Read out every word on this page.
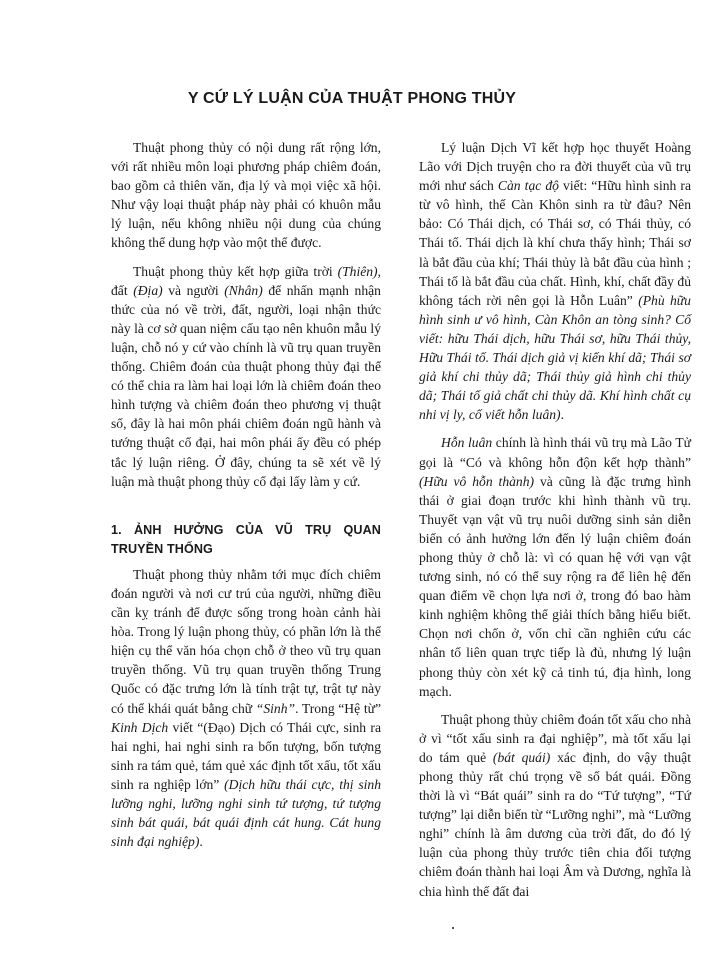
Y CỨ LÝ LUẬN CỦA THUẬT PHONG THỦY

Thuật phong thủy có nội dung rất rộng lớn, với rất nhiều môn loại phương pháp chiêm đoán, bao gồm cả thiên văn, địa lý và mọi việc xã hội. Như vậy loại thuật pháp này phải có khuôn mẫu lý luận, nếu không nhiều nội dung của chúng không thể dung hợp vào một thể được.

Thuật phong thủy kết hợp giữa trời (Thiên), đất (Địa) và người (Nhân) để nhấn mạnh nhận thức của nó về trời, đất, người, loại nhận thức này là cơ sở quan niệm cấu tạo nên khuôn mẫu lý luận, chỗ nó y cứ vào chính là vũ trụ quan truyền thống. Chiêm đoán của thuật phong thủy đại thể có thể chia ra làm hai loại lớn là chiêm đoán theo hình tượng và chiêm đoán theo phương vị thuật số, đây là hai môn phái chiêm đoán ngũ hành và tướng thuật cổ đại, hai môn phái ấy đều có phép tắc lý luận riêng. Ở đây, chúng ta sẽ xét về lý luận mà thuật phong thủy cổ đại lấy làm y cứ.

1. ẢNH HƯỞNG CỦA VŨ TRỤ QUAN TRUYỀN THỐNG

Thuật phong thủy nhằm tới mục đích chiêm đoán người và nơi cư trú của người, những điều cần kỵ tránh để được sống trong hoàn cảnh hài hòa. Trong lý luận phong thủy, có phần lớn là thể hiện cụ thể văn hóa chọn chỗ ở theo vũ trụ quan truyền thống. Vũ trụ quan truyền thống Trung Quốc có đặc trưng lớn là tính trật tự, trật tự này có thể khái quát bằng chữ “Sinh”. Trong “Hệ từ” Kinh Dịch viết “(Đạo) Dịch có Thái cực, sinh ra hai nghi, hai nghi sinh ra bốn tượng, bốn tượng sinh ra tám quẻ, tám quẻ xác định tốt xấu, tốt xấu sinh ra nghiệp lớn” (Dịch hữu thái cực, thị sinh lưỡng nghi, lưỡng nghi sinh tứ tượng, tứ tượng sinh bát quái, bát quái định cát hung. Cát hung sinh đại nghiệp).

Lý luận Dịch Vĩ kết hợp học thuyết Hoàng Lão với Dịch truyện cho ra đời thuyết của vũ trụ mới như sách Càn tạc độ viết: “Hữu hình sinh ra từ vô hình, thế Càn Khôn sinh ra từ đâu? Nên bảo: Có Thái dịch, có Thái sơ, có Thái thủy, có Thái tố. Thái dịch là khí chưa thấy hình; Thái sơ là bắt đầu của khí; Thái thủy là bắt đầu của hình ; Thái tố là bắt đầu của chất. Hình, khí, chất đầy đủ không tách rời nên gọi là Hỗn Luân” (Phù hữu hình sinh ư vô hình, Càn Khôn an tòng sinh? Cố viết: hữu Thái dịch, hữu Thái sơ, hữu Thái thủy, Hữu Thái tố. Thái dịch giả vị kiến khí dã; Thái sơ giả khí chi thủy dã; Thái thủy giả hình chi thủy dã; Thái tố giả chất chi thủy dã. Khí hình chất cụ nhi vị ly, cố viết hỗn luân).

Hỗn luân chính là hình thái vũ trụ mà Lão Tử gọi là “Có và không hỗn độn kết hợp thành” (Hữu vô hỗn thành) và cũng là đặc trưng hình thái ở giai đoạn trước khi hình thành vũ trụ. Thuyết vạn vật vũ trụ nuôi dưỡng sinh sản diễn biến có ảnh hưởng lớn đến lý luận chiêm đoán phong thủy ở chỗ là: vì có quan hệ với vạn vật tương sinh, nó có thể suy rộng ra để liên hệ đến quan điểm về chọn lựa nơi ở, trong đó bao hàm kinh nghiệm không thể giải thích bằng hiểu biết. Chọn nơi chốn ở, vốn chỉ cần nghiên cứu các nhân tố liên quan trực tiếp là đủ, nhưng lý luận phong thủy còn xét kỹ cả tinh tú, địa hình, long mạch.

Thuật phong thủy chiêm đoán tốt xấu cho nhà ở vì “tốt xấu sinh ra đại nghiệp”, mà tốt xấu lại do tám quẻ (bát quái) xác định, do vậy thuật phong thủy rất chú trọng về số bát quái. Đồng thời là vì “Bát quái” sinh ra do “Tứ tượng”, “Tứ tượng” lại diễn biến từ “Lưỡng nghi”, mà “Lưỡng nghi” chính là âm dương của trời đất, do đó lý luận của phong thủy trước tiên chia đối tượng chiêm đoán thành hai loại Âm và Dương, nghĩa là chia hình thế đất đai
